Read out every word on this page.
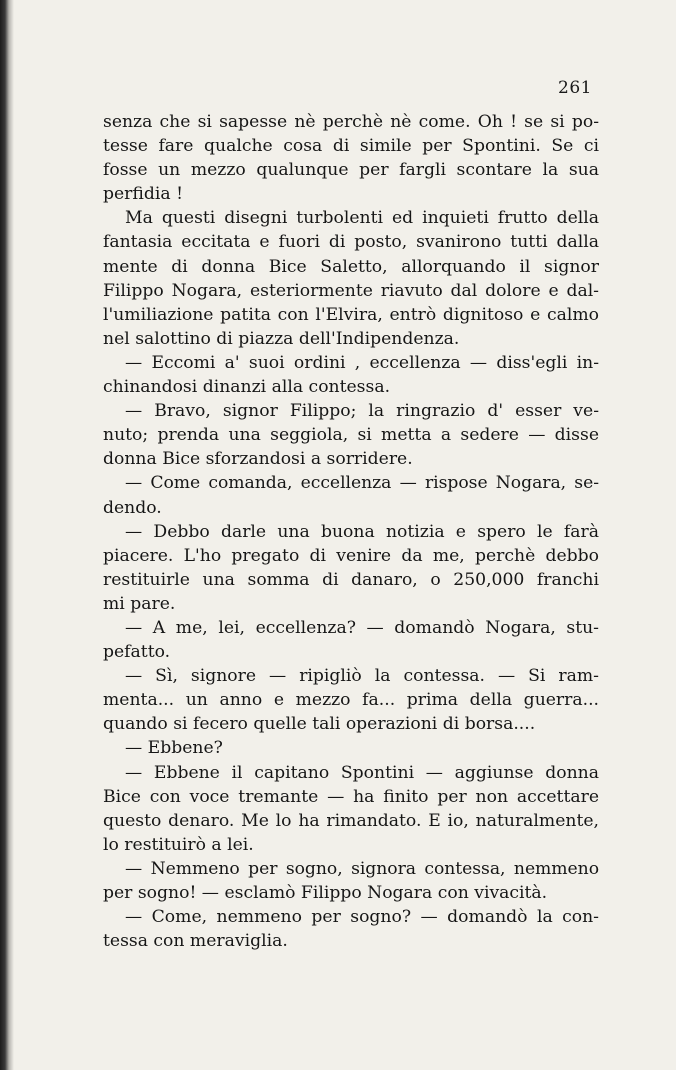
261
senza che si sapesse nè perchè nè come. Oh ! se si po-
tesse fare qualche cosa di simile per Spontini. Se ci
fosse un mezzo qualunque per fargli scontare la sua
perfidia !
Ma questi disegni turbolenti ed inquieti frutto della
fantasia eccitata e fuori di posto, svanirono tutti dalla
mente di donna Bice Saletto, allorquando il signor
Filippo Nogara, esteriormente riavuto dal dolore e dal-
l'umiliazione patita con l'Elvira, entrò dignitoso e calmo
nel salottino di piazza dell'Indipendenza.
— Eccomi a' suoi ordini , eccellenza — diss'egli in-
chinandosi dinanzi alla contessa.
— Bravo, signor Filippo; la ringrazio d' esser ve-
nuto; prenda una seggiola, si metta a sedere — disse
donna Bice sforzandosi a sorridere.
— Come comanda, eccellenza — rispose Nogara, se-
dendo.
— Debbo darle una buona notizia e spero le farà
piacere. L'ho pregato di venire da me, perchè debbo
restituirle una somma di danaro, o 250,000 franchi
mi pare.
— A me, lei, eccellenza? — domandò Nogara, stu-
pefatto.
— Sì, signore — ripigliò la contessa. — Si ram-
menta... un anno e mezzo fa... prima della guerra...
quando si fecero quelle tali operazioni di borsa....
— Ebbene?
— Ebbene il capitano Spontini — aggiunse donna
Bice con voce tremante — ha finito per non accettare
questo denaro. Me lo ha rimandato. E io, naturalmente,
lo restituirò a lei.
— Nemmeno per sogno, signora contessa, nemmeno
per sogno! — esclamò Filippo Nogara con vivacità.
— Come, nemmeno per sogno? — domandò la con-
tessa con meraviglia.
